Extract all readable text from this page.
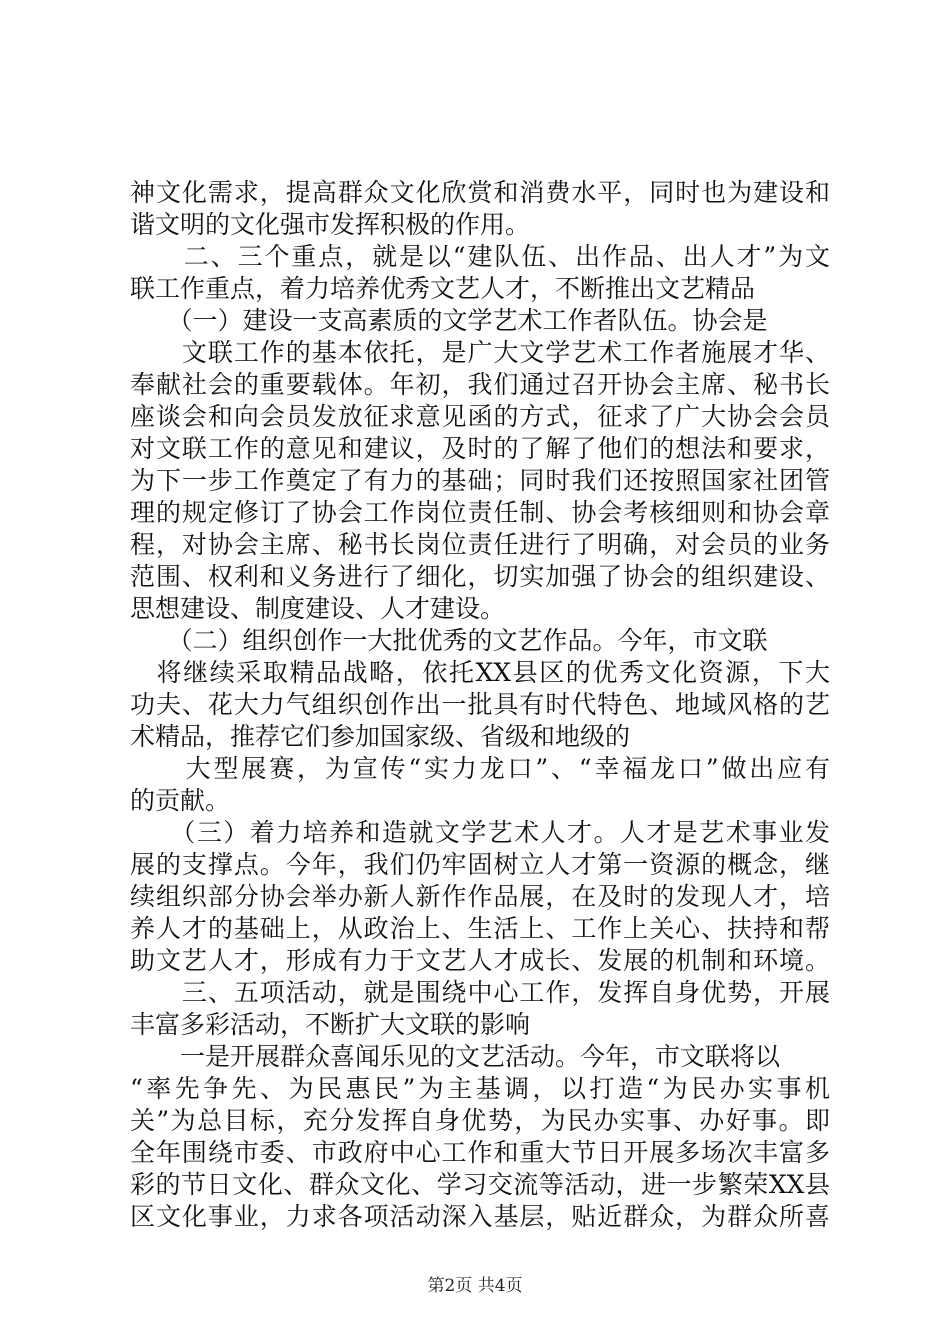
神文化需求，提高群众文化欣赏和消费水平，同时也为建设和
谐文明的文化强市发挥积极的作用。
　　二、三个重点，就是以“建队伍、出作品、出人才”为文
联工作重点，着力培养优秀文艺人才，不断推出文艺精品
　　（一）建设一支高素质的文学艺术工作者队伍。协会是
　　文联工作的基本依托，是广大文学艺术工作者施展才华、
奉献社会的重要载体。年初，我们通过召开协会主席、秘书长
座谈会和向会员发放征求意见函的方式，征求了广大协会会员
对文联工作的意见和建议，及时的了解了他们的想法和要求，
为下一步工作奠定了有力的基础；同时我们还按照国家社团管
理的规定修订了协会工作岗位责任制、协会考核细则和协会章
程，对协会主席、秘书长岗位责任进行了明确，对会员的业务
范围、权利和义务进行了细化，切实加强了协会的组织建设、
思想建设、制度建设、人才建设。
　　（二）组织创作一大批优秀的文艺作品。今年，市文联
　将继续采取精品战略，依托XX县区的优秀文化资源，下大
功夫、花大力气组织创作出一批具有时代特色、地域风格的艺
术精品，推荐它们参加国家级、省级和地级的
　　大型展赛，为宣传“实力龙口”、“幸福龙口”做出应有
的贡献。
　　（三）着力培养和造就文学艺术人才。人才是艺术事业发
展的支撑点。今年，我们仍牢固树立人才第一资源的概念，继
续组织部分协会举办新人新作作品展，在及时的发现人才，培
养人才的基础上，从政治上、生活上、工作上关心、扶持和帮
助文艺人才，形成有力于文艺人才成长、发展的机制和环境。
　　三、五项活动，就是围绕中心工作，发挥自身优势，开展
丰富多彩活动，不断扩大文联的影响
　　一是开展群众喜闻乐见的文艺活动。今年，市文联将以
“率先争先、为民惠民”为主基调，以打造“为民办实事机
关”为总目标，充分发挥自身优势，为民办实事、办好事。即
全年围绕市委、市政府中心工作和重大节日开展多场次丰富多
彩的节日文化、群众文化、学习交流等活动，进一步繁荣XX县
区文化事业，力求各项活动深入基层，贴近群众，为群众所喜
第2页 共4页
